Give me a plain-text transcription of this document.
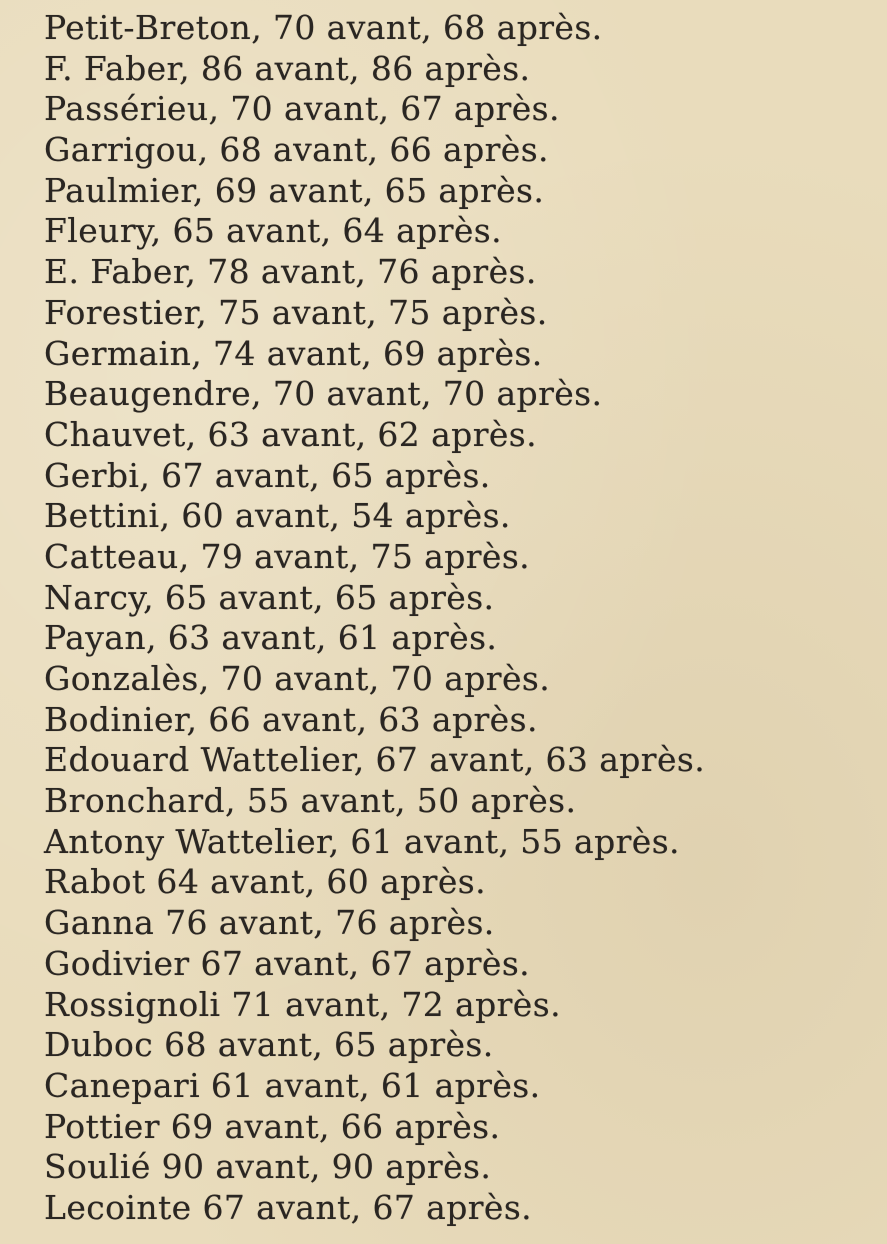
Petit-Breton, 70 avant, 68 après.
F. Faber, 86 avant, 86 après.
Passérieu, 70 avant, 67 après.
Garrigou, 68 avant, 66 après.
Paulmier, 69 avant, 65 après.
Fleury, 65 avant, 64 après.
E. Faber, 78 avant, 76 après.
Forestier, 75 avant, 75 après.
Germain, 74 avant, 69 après.
Beaugendre, 70 avant, 70 après.
Chauvet, 63 avant, 62 après.
Gerbi, 67 avant, 65 après.
Bettini, 60 avant, 54 après.
Catteau, 79 avant, 75 après.
Narcy, 65 avant, 65 après.
Payan, 63 avant, 61 après.
Gonzalès, 70 avant, 70 après.
Bodinier, 66 avant, 63 après.
Edouard Wattelier, 67 avant, 63 après.
Bronchard, 55 avant, 50 après.
Antony Wattelier, 61 avant, 55 après.
Rabot 64 avant, 60 après.
Ganna 76 avant, 76 après.
Godivier 67 avant, 67 après.
Rossignoli 71 avant, 72 après.
Duboc 68 avant, 65 après.
Canepari 61 avant, 61 après.
Pottier 69 avant, 66 après.
Soulié 90 avant, 90 après.
Lecointe 67 avant, 67 après.
